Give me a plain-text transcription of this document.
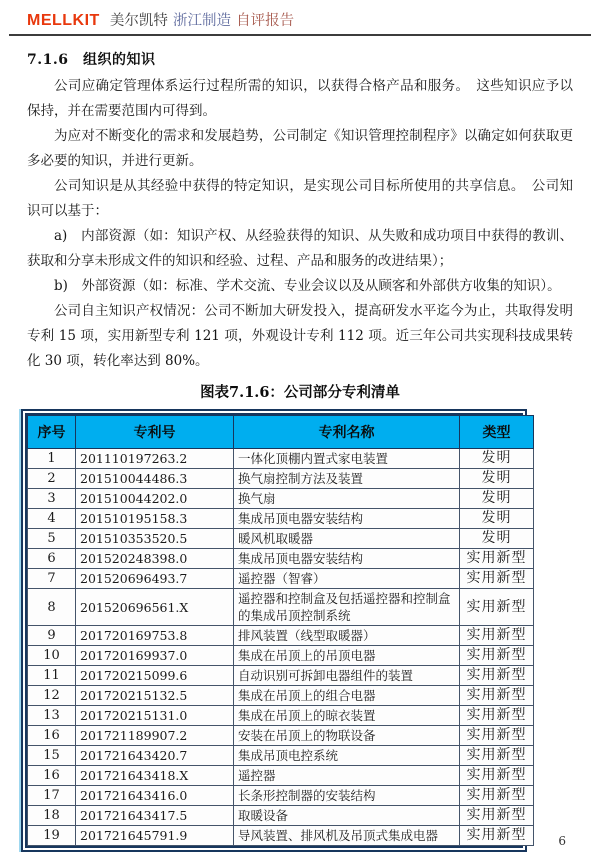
MELLKIT 美尔凯特 浙江制造 自评报告
7.1.6　组织的知识

公司应确定管理体系运行过程所需的知识，以获得合格产品和服务。　这些知识应予以保持，并在需要范围内可得到。

为应对不断变化的需求和发展趋势，公司制定《知识管理控制程序》以确定如何获取更多必要的知识，并进行更新。

公司知识是从其经验中获得的特定知识，是实现公司目标所使用的共享信息。　公司知识可以基于：

a)　内部资源（如：知识产权、从经验获得的知识、从失败和成功项目中获得的教训、获取和分享未形成文件的知识和经验、过程、产品和服务的改进结果）；

b)　外部资源（如：标准、学术交流、专业会议以及从顾客和外部供方收集的知识）。

公司自主知识产权情况：公司不断加大研发投入，提高研发水平迄今为止，共取得发明专利 15 项，实用新型专利 121 项，外观设计专利 112 项。近三年公司共实现科技成果转化 30 项，转化率达到 80%。

图表7.1.6：公司部分专利清单
序号	专利号	专利名称	类型
1	201110197263.2	一体化顶棚内置式家电装置	发明
2	201510044486.3	换气扇控制方法及装置	发明
3	201510044202.0	换气扇	发明
4	201510195158.3	集成吊顶电器安装结构	发明
5	201510353520.5	暖风机取暖器	发明
6	201520248398.0	集成吊顶电器安装结构	实用新型
7	201520696493.7	遥控器（智睿）	实用新型
8	201520696561.X	遥控器和控制盒及包括遥控器和控制盒的集成吊顶控制系统	实用新型
9	201720169753.8	排风装置（线型取暖器）	实用新型
10	201720169937.0	集成在吊顶上的吊顶电器	实用新型
11	201720215099.6	自动识别可拆卸电器组件的装置	实用新型
12	201720215132.5	集成在吊顶上的组合电器	实用新型
13	201720215131.0	集成在吊顶上的晾衣装置	实用新型
16	201721189907.2	安装在吊顶上的物联设备	实用新型
15	201721643420.7	集成吊顶电控系统	实用新型
16	201721643418.X	遥控器	实用新型
17	201721643416.0	长条形控制器的安装结构	实用新型
18	201721643417.5	取暖设备	实用新型
19	201721645791.9	导风装置、排风机及吊顶式集成电器	实用新型	6
